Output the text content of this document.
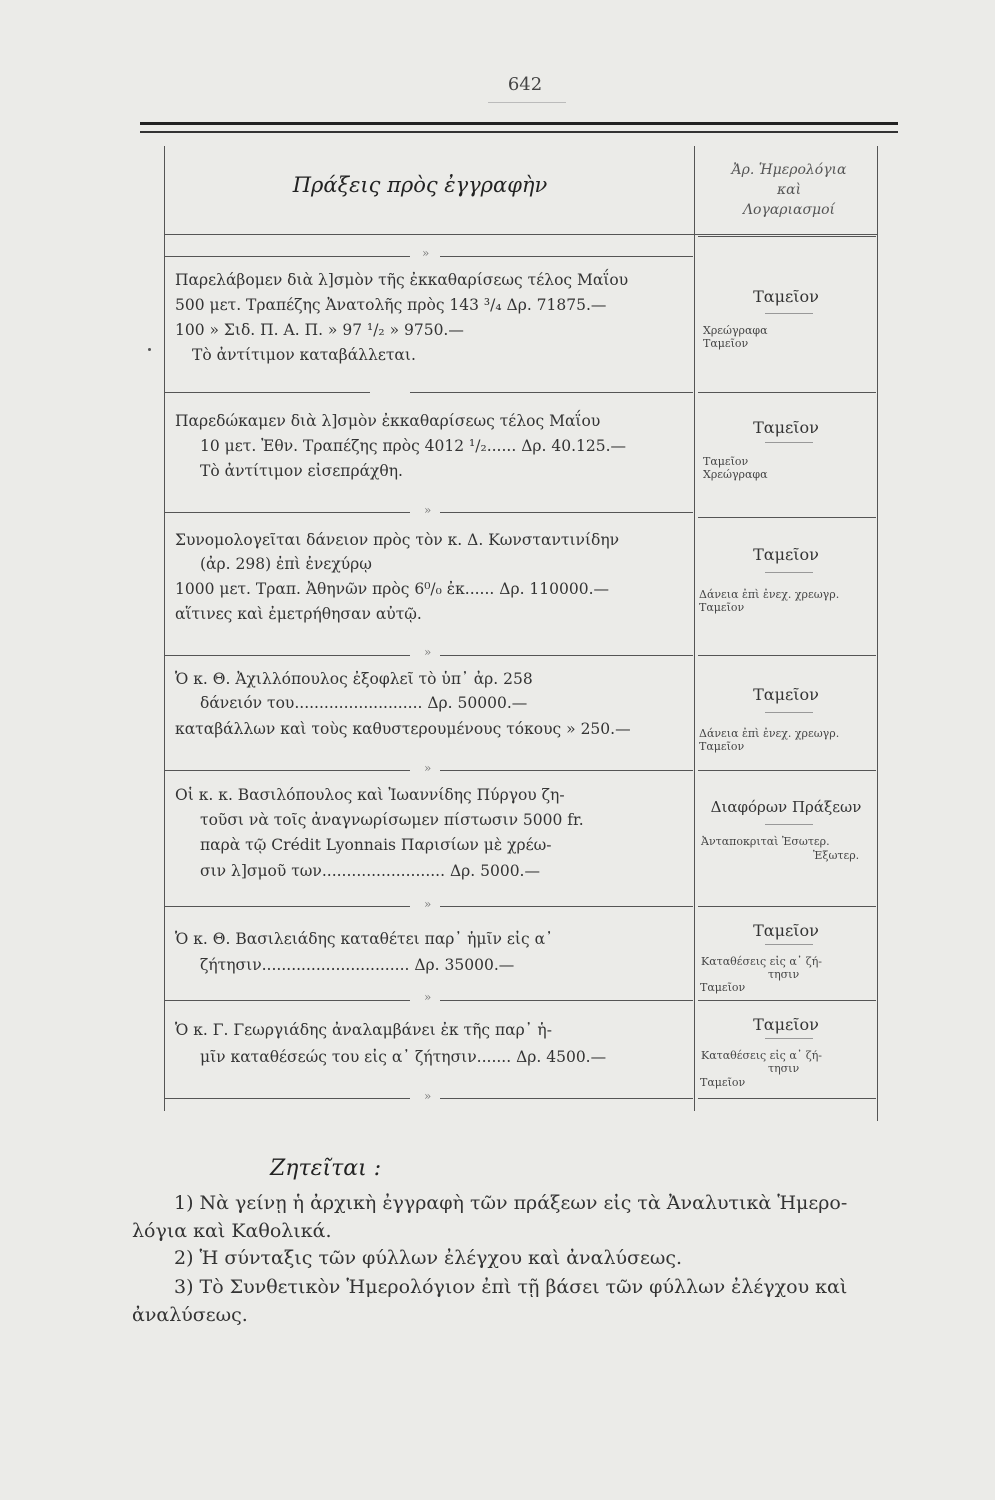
642
Πράξεις πρὸς ἐγγραφὴν
Ἀρ. Ἡμερολόγια
καὶ
Λογαριασμοί
»
Παρελάβομεν διὰ λ]σμὸν τῆς ἐκκαθαρίσεως τέλος Μαΐου
500 μετ. Τραπέζης Ἀνατολῆς πρὸς 143 ³/₄ Δρ. 71875.—
100 » Σιδ. Π. Α. Π. » 97 ¹/₂ » 9750.—
Τὸ ἀντίτιμον καταβάλλεται.
Ταμεῖον
Χρεώγραφα
Ταμεῖον
Παρεδώκαμεν διὰ λ]σμὸν ἐκκαθαρίσεως τέλος Μαΐου
10 μετ. Ἐθν. Τραπέζης πρὸς 4012 ¹/₂...... Δρ. 40.125.—
Τὸ ἀντίτιμον εἰσεπράχθη.
Ταμεῖον
Ταμεῖον
Χρεώγραφα
»
Συνομολογεῖται δάνειον πρὸς τὸν κ. Δ. Κωνσταντινίδην
(ἀρ. 298) ἐπὶ ἐνεχύρῳ
1000 μετ. Τραπ. Ἀθηνῶν πρὸς 6⁰/₀ ἐκ...... Δρ. 110000.—
αἵτινες καὶ ἐμετρήθησαν αὐτῷ.
Ταμεῖον
Δάνεια ἐπὶ ἐνεχ. χρεωγρ.
Ταμεῖον
»
Ὁ κ. Θ. Ἀχιλλόπουλος ἐξοφλεῖ τὸ ὑπ᾽ ἀρ. 258
δάνειόν του.......................... Δρ. 50000.—
καταβάλλων καὶ τοὺς καθυστερουμένους τόκους » 250.—
Ταμεῖον
Δάνεια ἐπὶ ἐνεχ. χρεωγρ.
Ταμεῖον
»
Οἱ κ. κ. Βασιλόπουλος καὶ Ἰωαννίδης Πύργου ζη-
τοῦσι νὰ τοῖς ἀναγνωρίσωμεν πίστωσιν 5000 fr.
παρὰ τῷ Crédit Lyonnais Παρισίων μὲ χρέω-
σιν λ]σμοῦ των......................... Δρ. 5000.—
Διαφόρων Πράξεων
Ἀνταποκριταὶ Ἐσωτερ.
Ἐξωτερ.
»
Ὁ κ. Θ. Βασιλειάδης καταθέτει παρ᾽ ἡμῖν εἰς α᾽
ζήτησιν.............................. Δρ. 35000.—
Ταμεῖον
Καταθέσεις εἰς α᾽ ζή-
τησιν
Ταμεῖον
»
Ὁ κ. Γ. Γεωργιάδης ἀναλαμβάνει ἐκ τῆς παρ᾽ ἡ-
μῖν καταθέσεώς του εἰς α᾽ ζήτησιν....... Δρ. 4500.—
Ταμεῖον
Καταθέσεις εἰς α᾽ ζή-
τησιν
Ταμεῖον
»
Ζητεῖται :
1) Νὰ γείνῃ ἡ ἀρχικὴ ἐγγραφὴ τῶν πράξεων εἰς τὰ Ἀναλυτικὰ Ἡμερο-
λόγια καὶ Καθολικά.
2) Ἡ σύνταξις τῶν φύλλων ἐλέγχου καὶ ἀναλύσεως.
3) Τὸ Συνθετικὸν Ἡμερολόγιον ἐπὶ τῇ βάσει τῶν φύλλων ἐλέγχου καὶ
ἀναλύσεως.
